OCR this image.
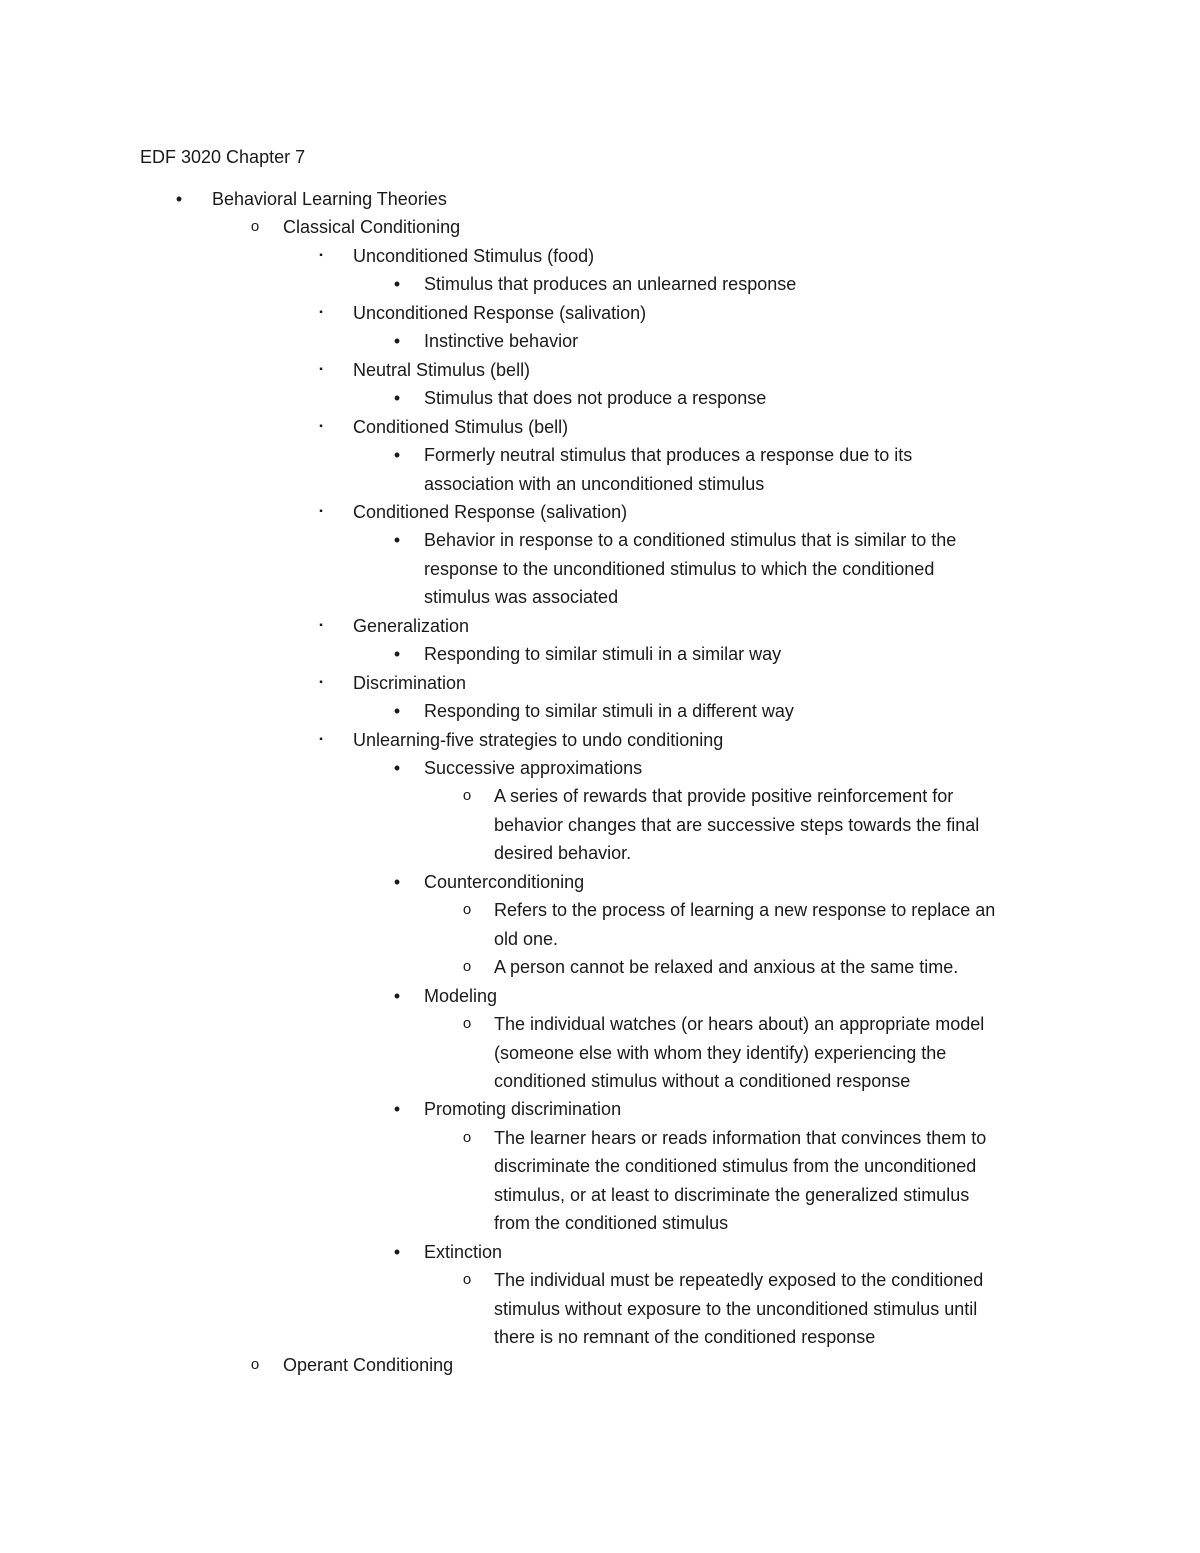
EDF 3020 Chapter 7
• Behavioral Learning Theories
o Classical Conditioning
▪ Unconditioned Stimulus (food)
• Stimulus that produces an unlearned response
▪ Unconditioned Response (salivation)
• Instinctive behavior
▪ Neutral Stimulus (bell)
• Stimulus that does not produce a response
▪ Conditioned Stimulus (bell)
• Formerly neutral stimulus that produces a response due to its
association with an unconditioned stimulus
▪ Conditioned Response (salivation)
• Behavior in response to a conditioned stimulus that is similar to the
response to the unconditioned stimulus to which the conditioned
stimulus was associated
▪ Generalization
• Responding to similar stimuli in a similar way
▪ Discrimination
• Responding to similar stimuli in a different way
▪ Unlearning-five strategies to undo conditioning
• Successive approximations
o A series of rewards that provide positive reinforcement for
behavior changes that are successive steps towards the final
desired behavior.
• Counterconditioning
o Refers to the process of learning a new response to replace an
old one.
o A person cannot be relaxed and anxious at the same time.
• Modeling
o The individual watches (or hears about) an appropriate model
(someone else with whom they identify) experiencing the
conditioned stimulus without a conditioned response
• Promoting discrimination
o The learner hears or reads information that convinces them to
discriminate the conditioned stimulus from the unconditioned
stimulus, or at least to discriminate the generalized stimulus
from the conditioned stimulus
• Extinction
o The individual must be repeatedly exposed to the conditioned
stimulus without exposure to the unconditioned stimulus until
there is no remnant of the conditioned response
o Operant Conditioning
